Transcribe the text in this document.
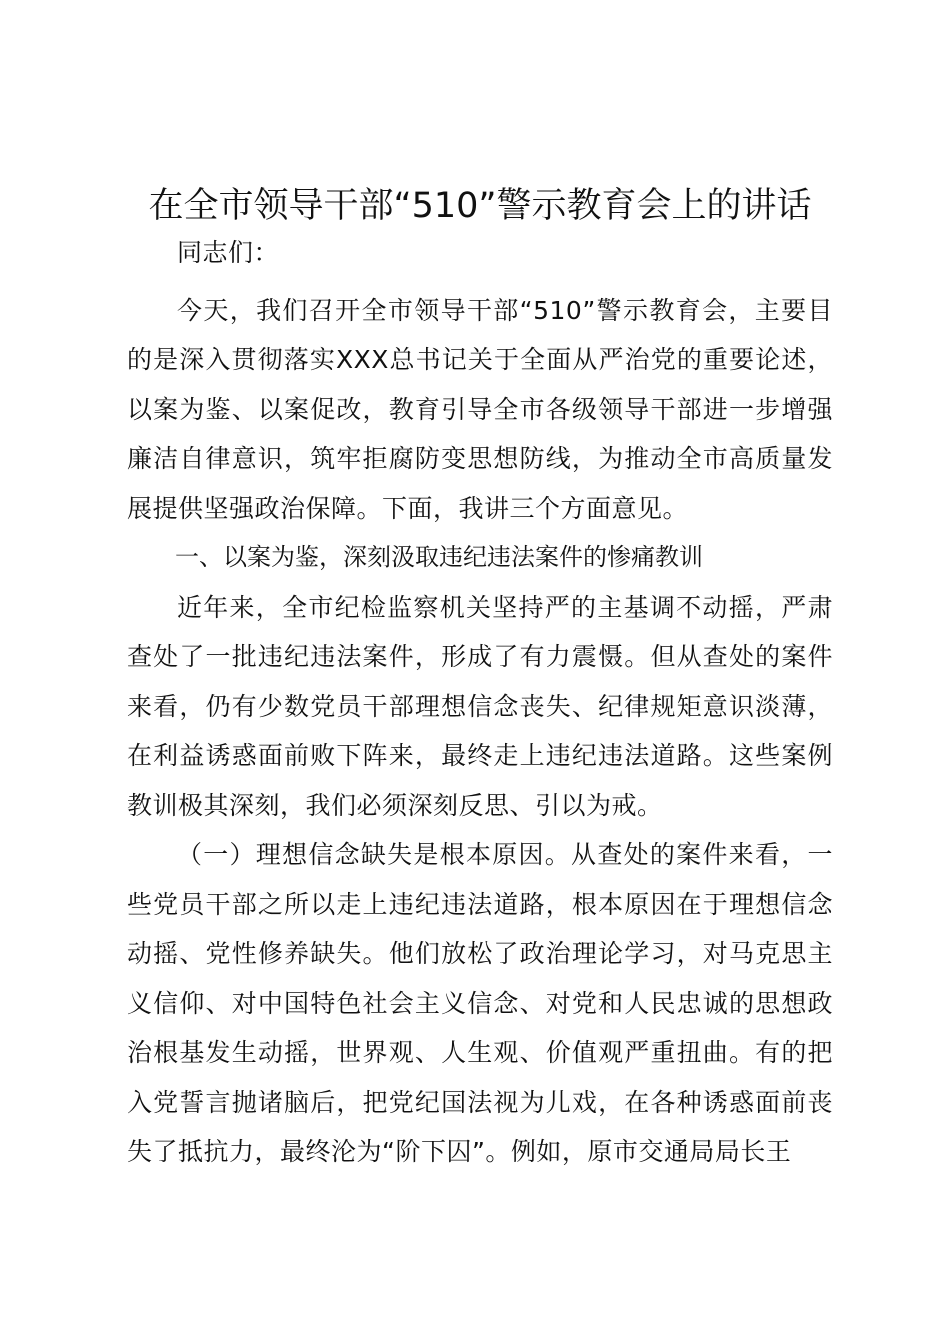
在全市领导干部“510”警示教育会上的讲话

同志们：

今天，我们召开全市领导干部“510”警示教育会，主要目的是深入贯彻落实XXX总书记关于全面从严治党的重要论述，以案为鉴、以案促改，教育引导全市各级领导干部进一步增强廉洁自律意识，筑牢拒腐防变思想防线，为推动全市高质量发展提供坚强政治保障。下面，我讲三个方面意见。

一、以案为鉴，深刻汲取违纪违法案件的惨痛教训

近年来，全市纪检监察机关坚持严的主基调不动摇，严肃查处了一批违纪违法案件，形成了有力震慑。但从查处的案件来看，仍有少数党员干部理想信念丧失、纪律规矩意识淡薄，在利益诱惑面前败下阵来，最终走上违纪违法道路。这些案例教训极其深刻，我们必须深刻反思、引以为戒。

（一）理想信念缺失是根本原因。从查处的案件来看，一些党员干部之所以走上违纪违法道路，根本原因在于理想信念动摇、党性修养缺失。他们放松了政治理论学习，对马克思主义信仰、对中国特色社会主义信念、对党和人民忠诚的思想政治根基发生动摇，世界观、人生观、价值观严重扭曲。有的把入党誓言抛诸脑后，把党纪国法视为儿戏，在各种诱惑面前丧失了抵抗力，最终沦为“阶下囚”。例如，原市交通局局长王
